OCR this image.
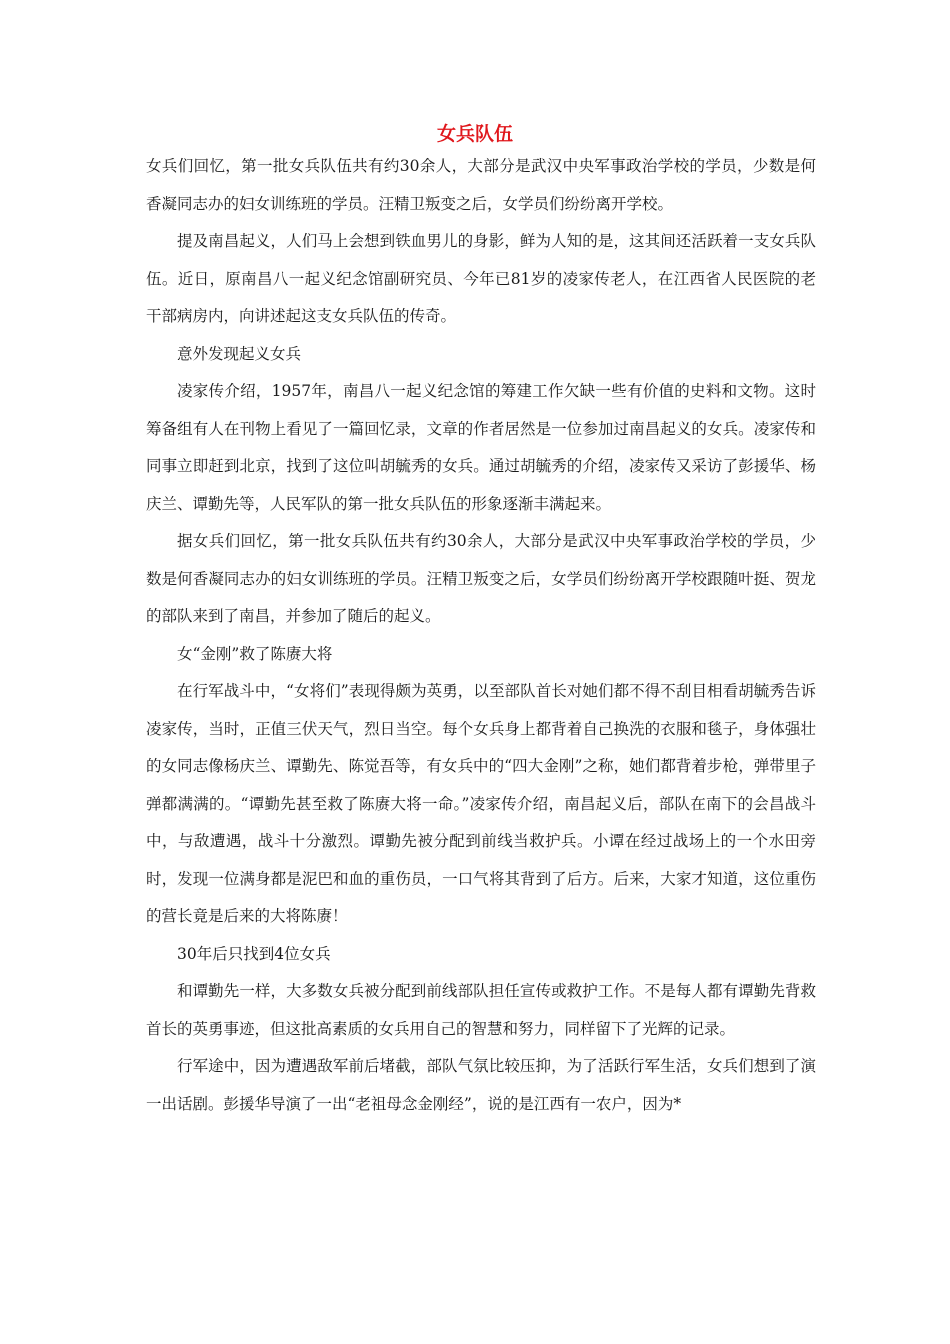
女兵队伍

女兵们回忆，第一批女兵队伍共有约30余人，大部分是武汉中央军事政治学校的学员，少数是何香凝同志办的妇女训练班的学员。汪精卫叛变之后，女学员们纷纷离开学校。

提及南昌起义，人们马上会想到铁血男儿的身影，鲜为人知的是，这其间还活跃着一支女兵队伍。近日，原南昌八一起义纪念馆副研究员、今年已81岁的凌家传老人，在江西省人民医院的老干部病房内，向讲述起这支女兵队伍的传奇。

意外发现起义女兵

凌家传介绍，1957年，南昌八一起义纪念馆的筹建工作欠缺一些有价值的史料和文物。这时筹备组有人在刊物上看见了一篇回忆录，文章的作者居然是一位参加过南昌起义的女兵。凌家传和同事立即赶到北京，找到了这位叫胡毓秀的女兵。通过胡毓秀的介绍，凌家传又采访了彭援华、杨庆兰、谭勤先等，人民军队的第一批女兵队伍的形象逐渐丰满起来。

据女兵们回忆，第一批女兵队伍共有约30余人，大部分是武汉中央军事政治学校的学员，少数是何香凝同志办的妇女训练班的学员。汪精卫叛变之后，女学员们纷纷离开学校跟随叶挺、贺龙的部队来到了南昌，并参加了随后的起义。

女“金刚”救了陈赓大将

在行军战斗中，“女将们”表现得颇为英勇，以至部队首长对她们都不得不刮目相看胡毓秀告诉凌家传，当时，正值三伏天气，烈日当空。每个女兵身上都背着自己换洗的衣服和毯子，身体强壮的女同志像杨庆兰、谭勤先、陈觉吾等，有女兵中的“四大金刚”之称，她们都背着步枪，弹带里子弹都满满的。“谭勤先甚至救了陈赓大将一命。”凌家传介绍，南昌起义后，部队在南下的会昌战斗中，与敌遭遇，战斗十分激烈。谭勤先被分配到前线当救护兵。小谭在经过战场上的一个水田旁时，发现一位满身都是泥巴和血的重伤员，一口气将其背到了后方。后来，大家才知道，这位重伤的营长竟是后来的大将陈赓！

30年后只找到4位女兵

和谭勤先一样，大多数女兵被分配到前线部队担任宣传或救护工作。不是每人都有谭勤先背救首长的英勇事迹，但这批高素质的女兵用自己的智慧和努力，同样留下了光辉的记录。

行军途中，因为遭遇敌军前后堵截，部队气氛比较压抑，为了活跃行军生活，女兵们想到了演一出话剧。彭援华导演了一出“老祖母念金刚经”，说的是江西有一农户，因为*
